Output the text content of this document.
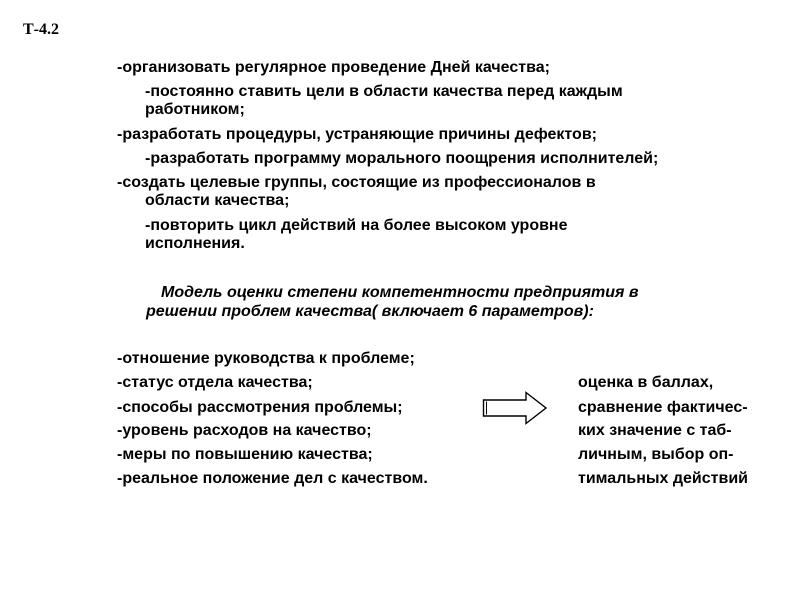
Т-4.2
-организовать регулярное проведение Дней качества;
-постоянно ставить цели в области качества перед каждым
работником;
-разработать процедуры, устраняющие причины дефектов;
-разработать программу морального поощрения исполнителей;
-создать целевые группы, состоящие из профессионалов в
области качества;
-повторить цикл действий на более высоком уровне
исполнения.
Модель оценки степени компетентности предприятия в
решении проблем качества( включает 6 параметров):
-отношение руководства к проблеме;
-статус отдела качества;
-способы рассмотрения проблемы;
-уровень расходов на качество;
-меры по повышению качества;
-реальное положение дел с качеством.
оценка в баллах,
сравнение фактичес-
ких значение с таб-
личным, выбор оп-
тимальных действий
